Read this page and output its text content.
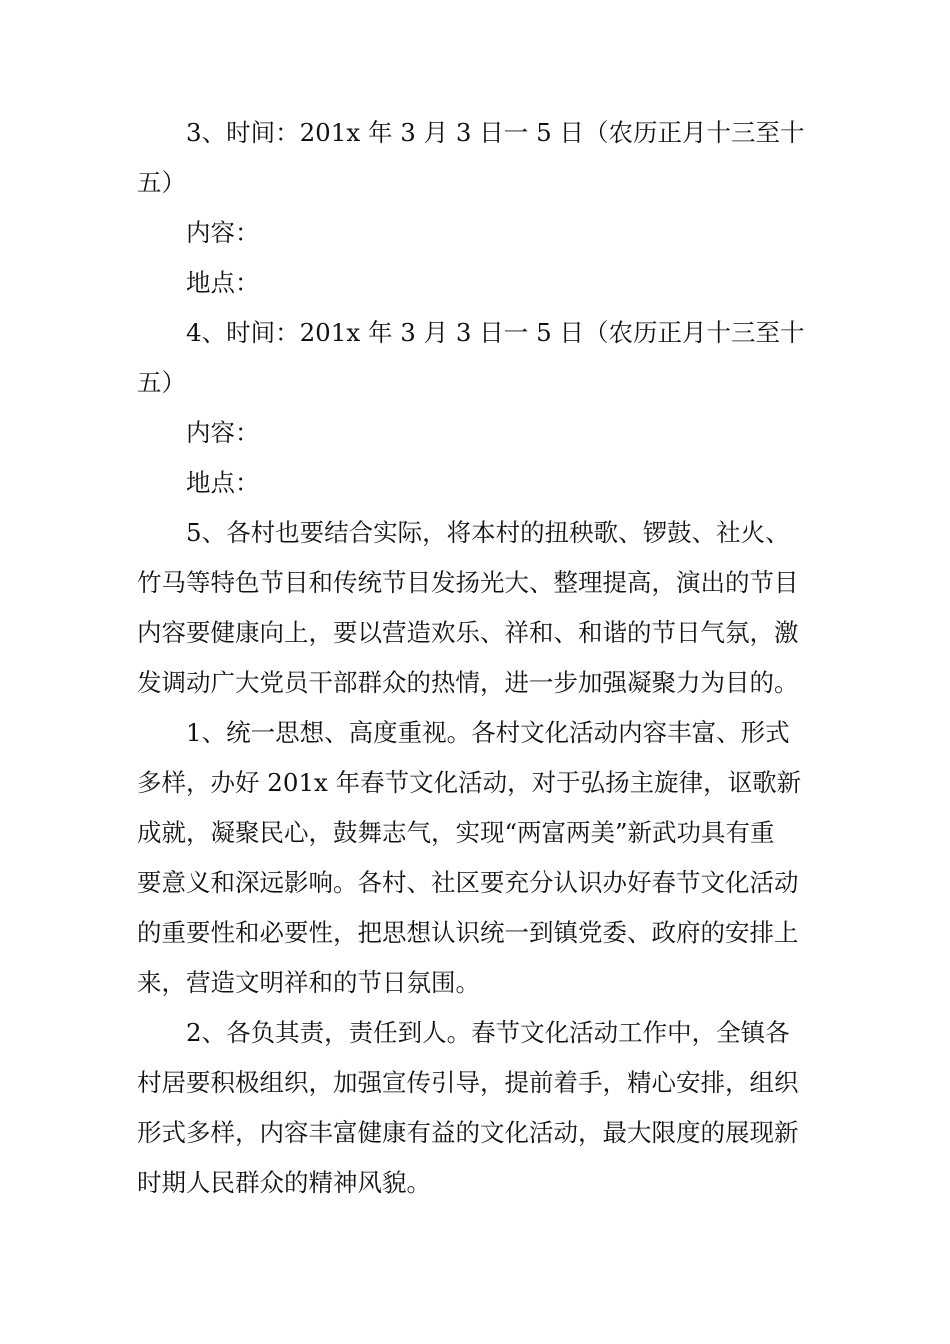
3、时间：201x 年 3 月 3 日一 5 日（农历正月十三至十
五）
内容：
地点：
4、时间：201x 年 3 月 3 日一 5 日（农历正月十三至十
五）
内容：
地点：
5、各村也要结合实际，将本村的扭秧歌、锣鼓、社火、
竹马等特色节目和传统节目发扬光大、整理提高，演出的节目
内容要健康向上，要以营造欢乐、祥和、和谐的节日气氛，激
发调动广大党员干部群众的热情，进一步加强凝聚力为目的。
1、统一思想、高度重视。各村文化活动内容丰富、形式
多样，办好 201x 年春节文化活动，对于弘扬主旋律，讴歌新
成就，凝聚民心，鼓舞志气，实现“两富两美”新武功具有重
要意义和深远影响。各村、社区要充分认识办好春节文化活动
的重要性和必要性，把思想认识统一到镇党委、政府的安排上
来，营造文明祥和的节日氛围。
2、各负其责，责任到人。春节文化活动工作中，全镇各
村居要积极组织，加强宣传引导，提前着手，精心安排，组织
形式多样，内容丰富健康有益的文化活动，最大限度的展现新
时期人民群众的精神风貌。
